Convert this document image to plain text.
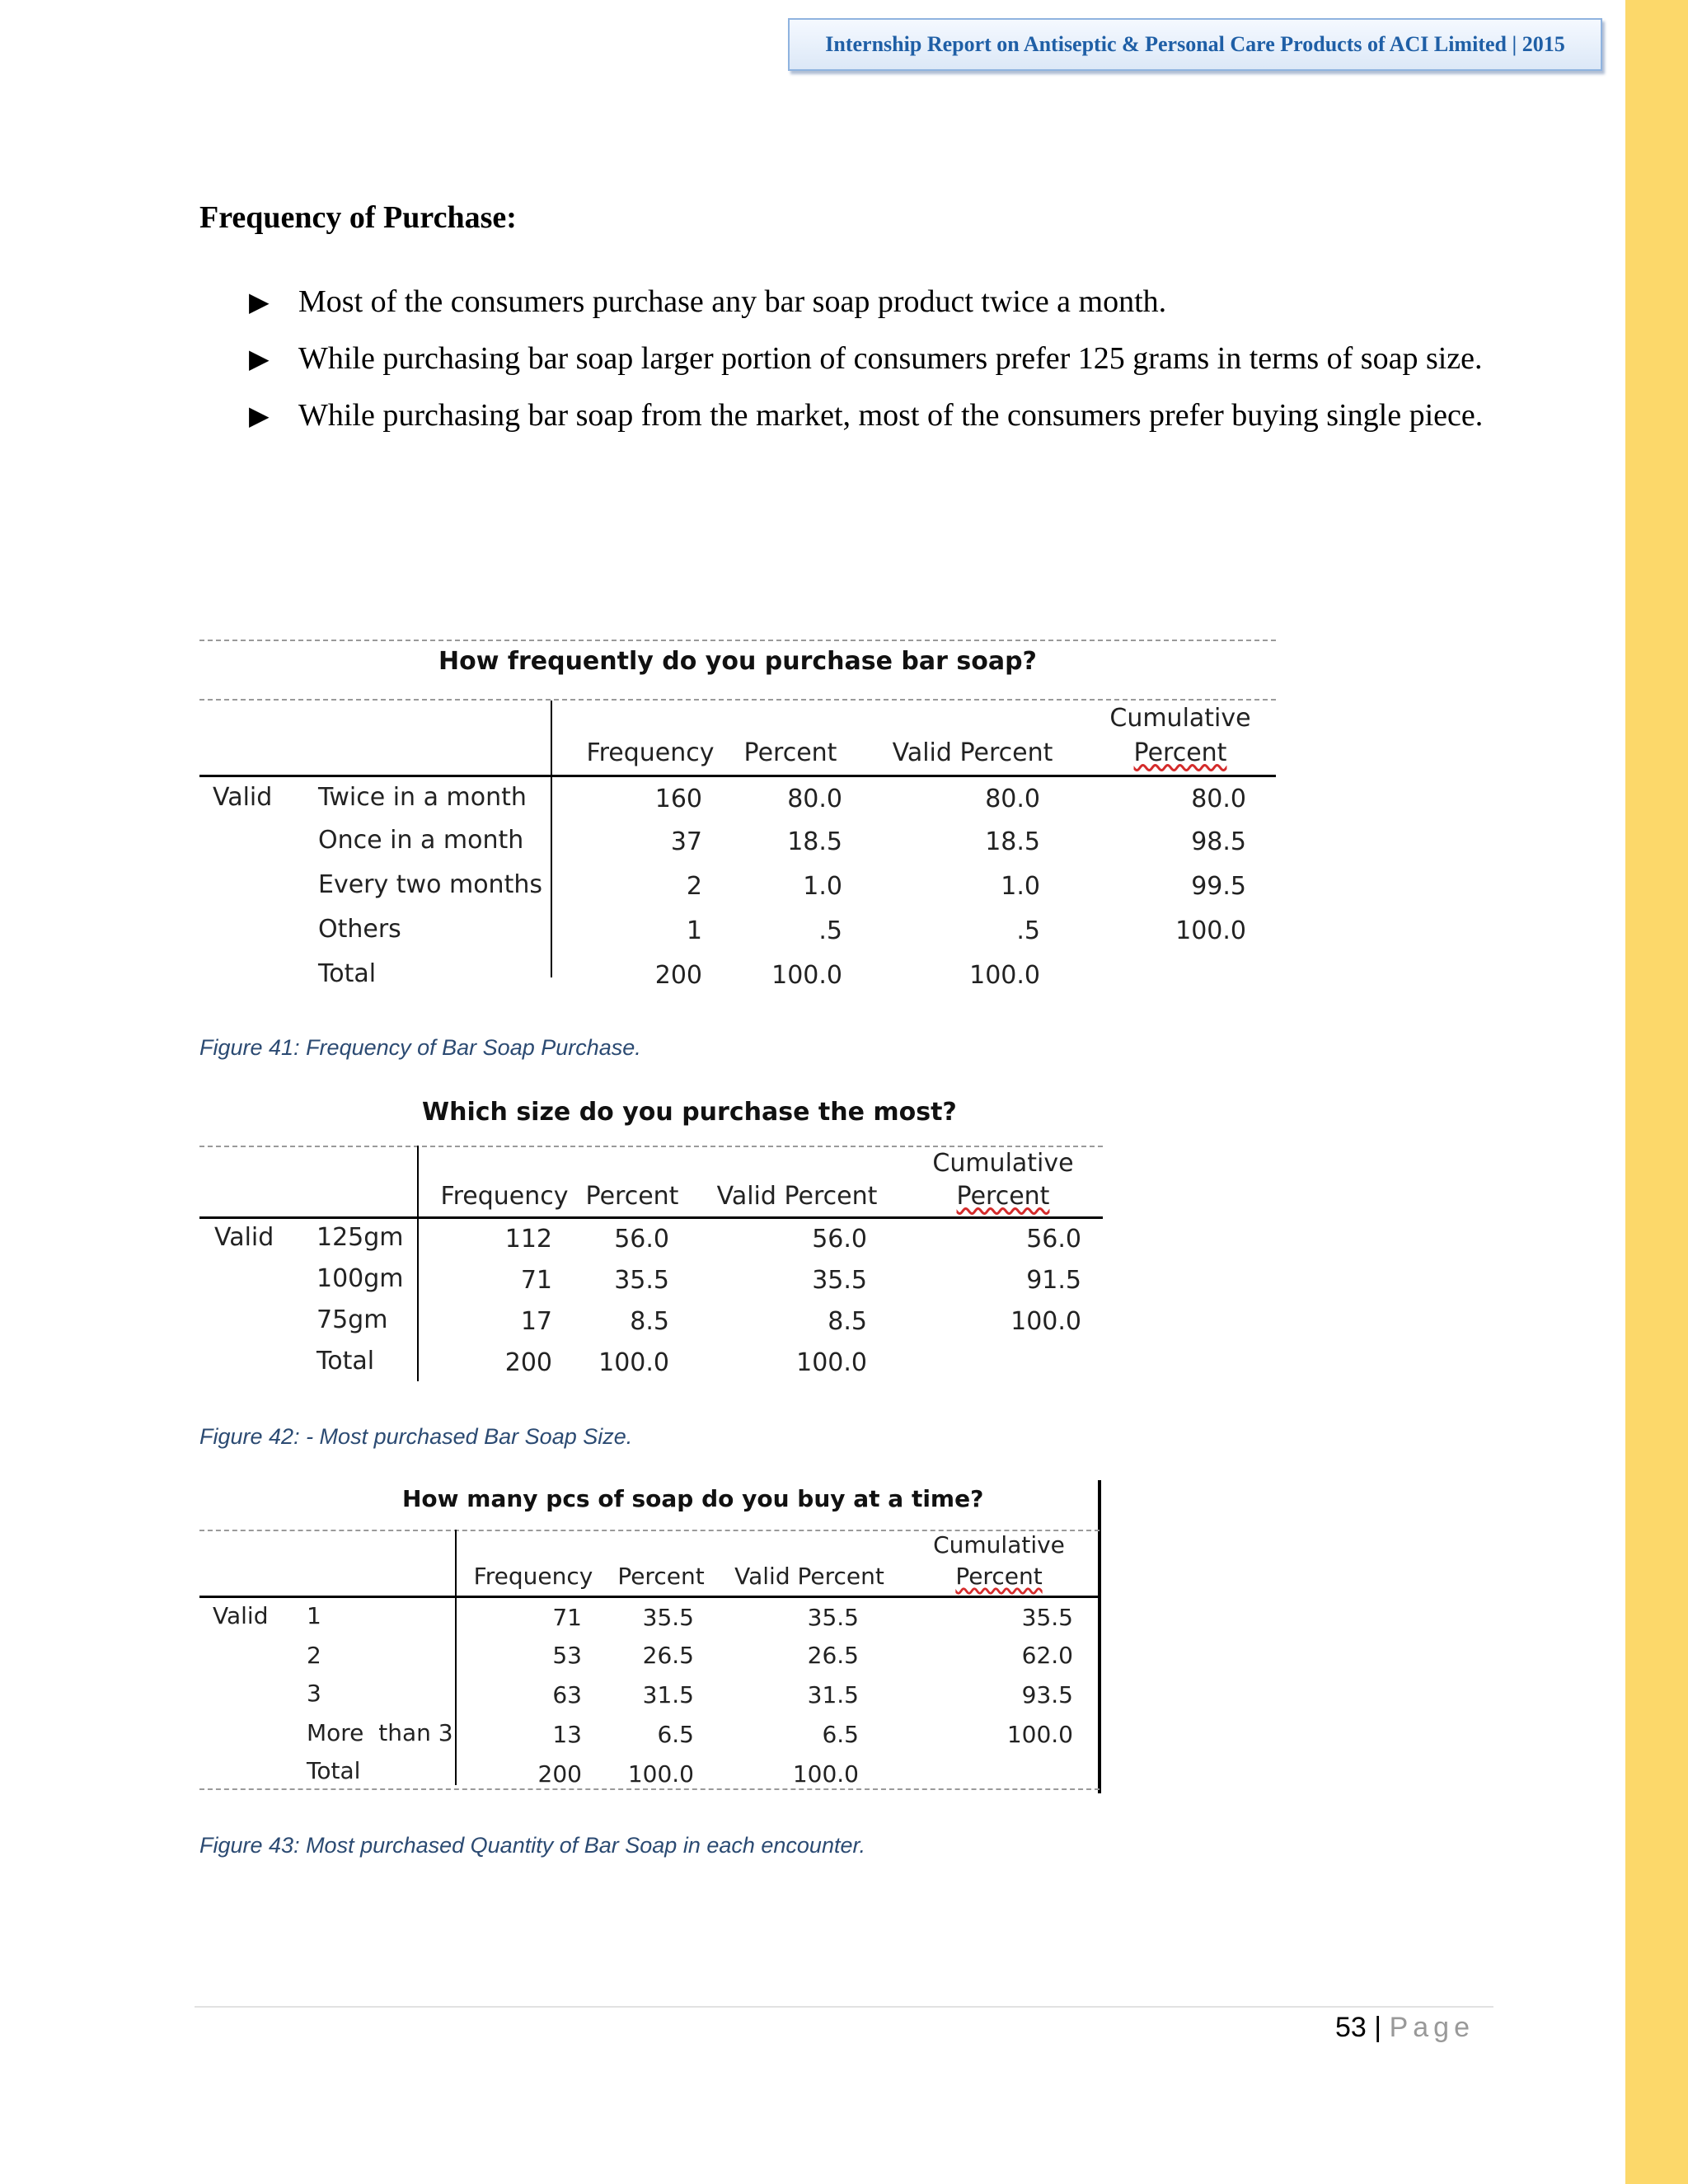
Internship Report on Antiseptic & Personal Care Products of ACI Limited | 2015
Frequency of Purchase:
▶ Most of the consumers purchase any bar soap product twice a month.
▶ While purchasing bar soap larger portion of consumers prefer 125 grams in terms of soap size.
▶ While purchasing bar soap from the market, most of the consumers prefer buying single piece.
How frequently do you purchase bar soap?
Frequency	Percent	Valid Percent
Cumulative
Percent
Valid Twice in a month	160	80.0	80.0	80.0
Once in a month	37	18.5	18.5	98.5
Every two months	2	1.0	1.0	99.5
Others	1	.5	.5	100.0
Total	200	100.0	100.0
Figure 41: Frequency of Bar Soap Purchase.
Which size do you purchase the most?
Frequency Percent Valid Percent
Cumulative
Percent
Valid 125gm	112	56.0	56.0	56.0
100gm	71	35.5	35.5	91.5
75gm	17	8.5	8.5	100.0
Total	200	100.0	100.0
Figure 42: - Most purchased Bar Soap Size.
How many pcs of soap do you buy at a time?
Frequency Percent	Valid Percent
Cumulative
Percent
Valid 1	71	35.5	35.5	35.5
2	53	26.5	26.5	62.0
3	63	31.5	31.5	93.5
More  than 3	13	6.5	6.5	100.0
Total	200	100.0	100.0
Figure 43: Most purchased Quantity of Bar Soap in each encounter.
53 | Page
